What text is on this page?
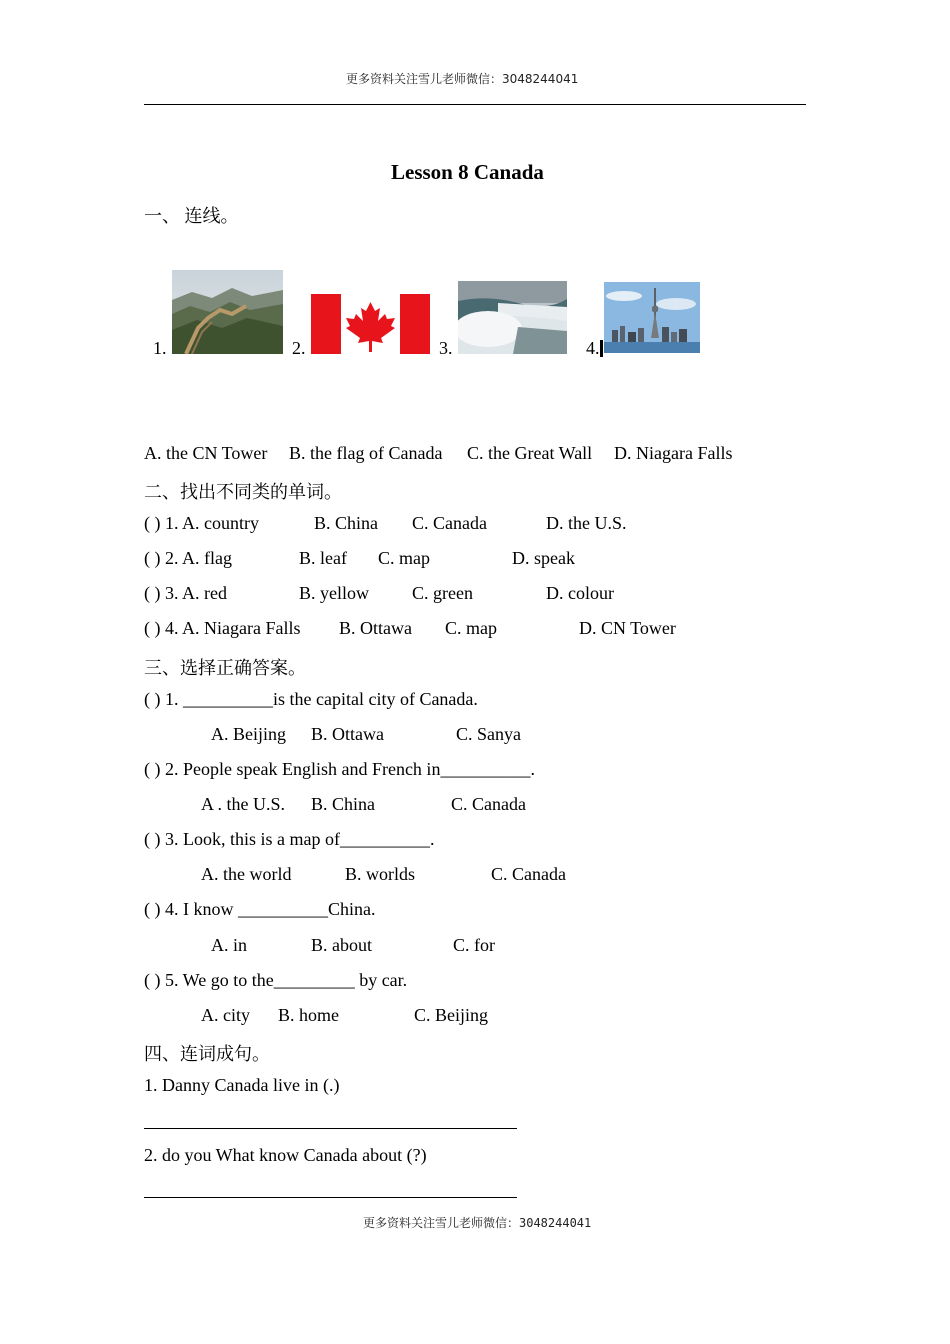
更多资料关注雪儿老师微信：3048244041
Lesson 8 Canada
一、 连线。
1.	2.	3.	4.
A. the CN Tower B. the flag of Canada C. the Great Wall D. Niagara Falls
二、找出不同类的单词。
( ) 1. A. country	B. China C. Canada	D. the U.S.
( ) 2. A. flag	B. leaf C. map	D. speak
( ) 3. A. red	B. yellow C. green	D. colour
( ) 4. A. Niagara Falls B. Ottawa C. map	D. CN Tower
三、选择正确答案。
( ) 1. __________is the capital city of Canada.
A. Beijing B. Ottawa	C. Sanya
( ) 2. People speak English and French in__________.
A . the U.S. B. China	C. Canada
( ) 3. Look, this is a map of__________.
A. the world	B. worlds	C. Canada
( ) 4. I know __________China.
A. in	B. about	C. for
( ) 5. We go to the_________ by car.
A. city B. home	C. Beijing
四、连词成句。
1. Danny Canada live in (.)
2. do you What know Canada about (?)
更多资料关注雪儿老师微信：3048244041
